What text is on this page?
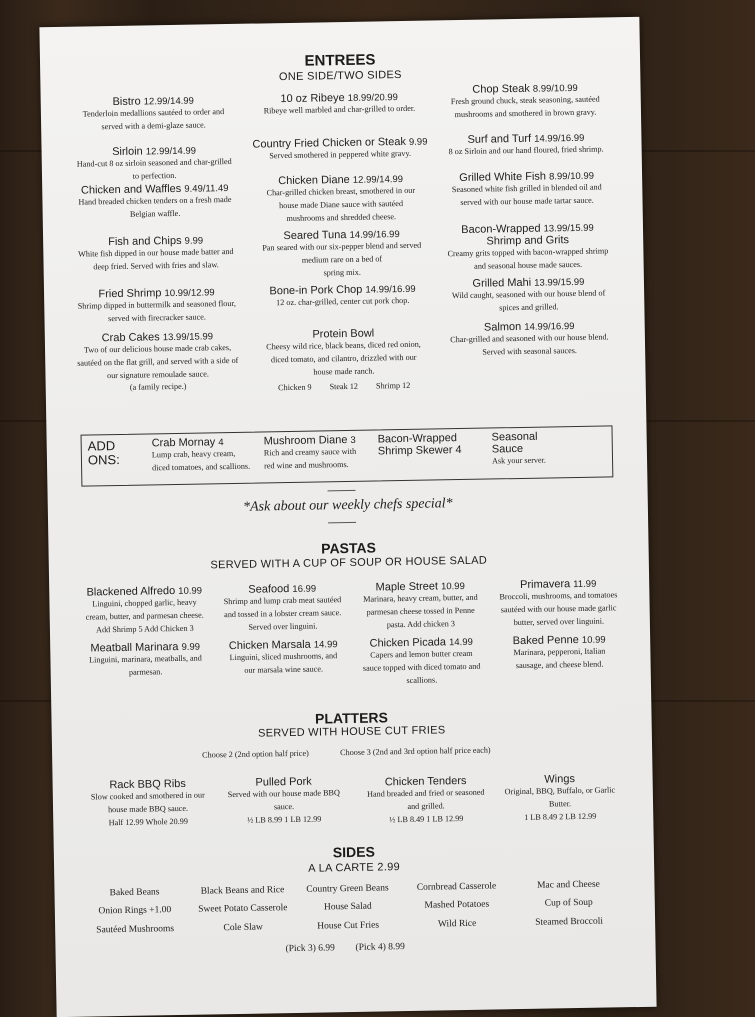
ENTREES
ONE SIDE/TWO SIDES
Bistro 12.99/14.99
Tenderloin medallions sautéed to order and
served with a demi-glaze sauce.
Sirloin 12.99/14.99
Hand-cut 8 oz sirloin seasoned and char-grilled
to perfection.
Chicken and Waffles 9.49/11.49
Hand breaded chicken tenders on a fresh made
Belgian waffle.
Fish and Chips 9.99
White fish dipped in our house made batter and
deep fried. Served with fries and slaw.
Fried Shrimp 10.99/12.99
Shrimp dipped in buttermilk and seasoned flour,
served with firecracker sauce.
Crab Cakes 13.99/15.99
Two of our delicious house made crab cakes,
sautéed on the flat grill, and served with a side of
our signature remoulade sauce.
(a family recipe.)
10 oz Ribeye 18.99/20.99
Ribeye well marbled and char-grilled to order.
Country Fried Chicken or Steak 9.99
Served smothered in peppered white gravy.
Chicken Diane 12.99/14.99
Char-grilled chicken breast, smothered in our
house made Diane sauce with sautéed
mushrooms and shredded cheese.
Seared Tuna 14.99/16.99
Pan seared with our six-pepper blend and served
medium rare on a bed of
spring mix.
Bone-in Pork Chop 14.99/16.99
12 oz. char-grilled, center cut pork chop.
Protein Bowl
Cheesy wild rice, black beans, diced red onion,
diced tomato, and cilantro, drizzled with our
house made ranch.
Chicken 9 Steak 12 Shrimp 12
Chop Steak 8.99/10.99
Fresh ground chuck, steak seasoning, sautéed
mushrooms and smothered in brown gravy.
Surf and Turf 14.99/16.99
8 oz Sirloin and our hand floured, fried shrimp.
Grilled White Fish 8.99/10.99
Seasoned white fish grilled in blended oil and
served with our house made tartar sauce.
Bacon-Wrapped 13.99/15.99
Shrimp and Grits
Creamy grits topped with bacon-wrapped shrimp
and seasonal house made sauces.
Grilled Mahi 13.99/15.99
Wild caught, seasoned with our house blend of
spices and grilled.
Salmon 14.99/16.99
Char-grilled and seasoned with our house blend.
Served with seasonal sauces.
ADD
ONS:
Crab Mornay 4
Lump crab, heavy cream,
diced tomatoes, and scallions.
Mushroom Diane 3
Rich and creamy sauce with
red wine and mushrooms.
Bacon-Wrapped
Shrimp Skewer 4
Seasonal
Sauce
Ask your server.
*Ask about our weekly chefs special*
PASTAS
SERVED WITH A CUP OF SOUP OR HOUSE SALAD
Blackened Alfredo 10.99
Linguini, chopped garlic, heavy
cream, butter, and parmesan cheese.
Add Shrimp 5 Add Chicken 3
Seafood 16.99
Shrimp and lump crab meat sautéed
and tossed in a lobster cream sauce.
Served over linguini.
Maple Street 10.99
Marinara, heavy cream, butter, and
parmesan cheese tossed in Penne
pasta. Add chicken 3
Primavera 11.99
Broccoli, mushrooms, and tomatoes
sautéed with our house made garlic
butter, served over linguini.
Meatball Marinara 9.99
Linguini, marinara, meatballs, and
parmesan.
Chicken Marsala 14.99
Linguini, sliced mushrooms, and
our marsala wine sauce.
Chicken Picada 14.99
Capers and lemon butter cream
sauce topped with diced tomato and
scallions.
Baked Penne 10.99
Marinara, pepperoni, Italian
sausage, and cheese blend.
PLATTERS
SERVED WITH HOUSE CUT FRIES
Choose 2 (2nd option half price)	Choose 3 (2nd and 3rd option half price each)
Rack BBQ Ribs
Slow cooked and smothered in our
house made BBQ sauce.
Half 12.99 Whole 20.99
Pulled Pork
Served with our house made BBQ
sauce.
½ LB 8.99 1 LB 12.99
Chicken Tenders
Hand breaded and fried or seasoned
and grilled.
½ LB 8.49 1 LB 12.99
Wings
Original, BBQ, Buffalo, or Garlic
Butter.
1 LB 8.49 2 LB 12.99
SIDES
A LA CARTE 2.99
Baked Beans	Black Beans and Rice	Country Green Beans	Cornbread Casserole	Mac and Cheese
Onion Rings +1.00	Sweet Potato Casserole	House Salad	Mashed Potatoes	Cup of Soup
Sautéed Mushrooms	Cole Slaw	House Cut Fries	Wild Rice	Steamed Broccoli
(Pick 3) 6.99 (Pick 4) 8.99
